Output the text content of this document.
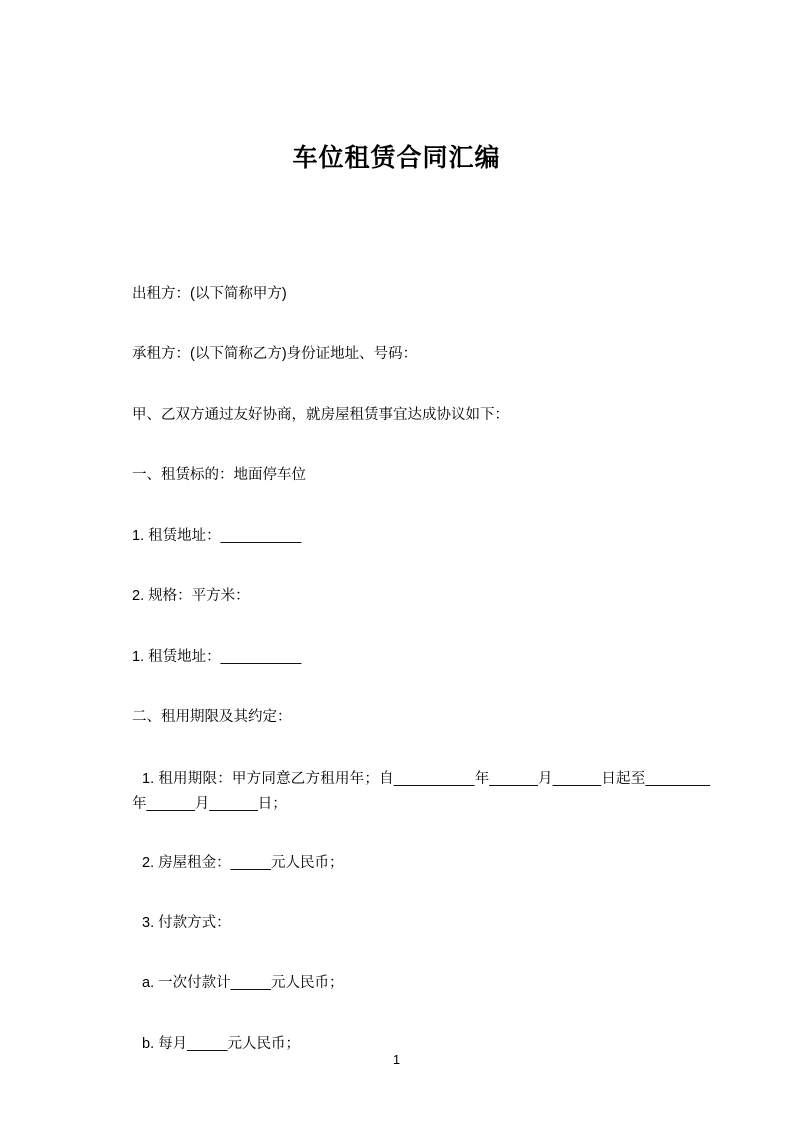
车位租赁合同汇编

出租方：(以下简称甲方)

承租方：(以下简称乙方)身份证地址、号码：

甲、乙双方通过友好协商，就房屋租赁事宜达成协议如下：

一、租赁标的：地面停车位

1. 租赁地址：__________

2. 规格：平方米：

1. 租赁地址：__________

二、租用期限及其约定：

1. 租用期限：甲方同意乙方租用年；自__________年______月______日起至________年______月______日；

2. 房屋租金：_____元人民币；

3. 付款方式：

a. 一次付款计_____元人民币；

b. 每月_____元人民币；

1
